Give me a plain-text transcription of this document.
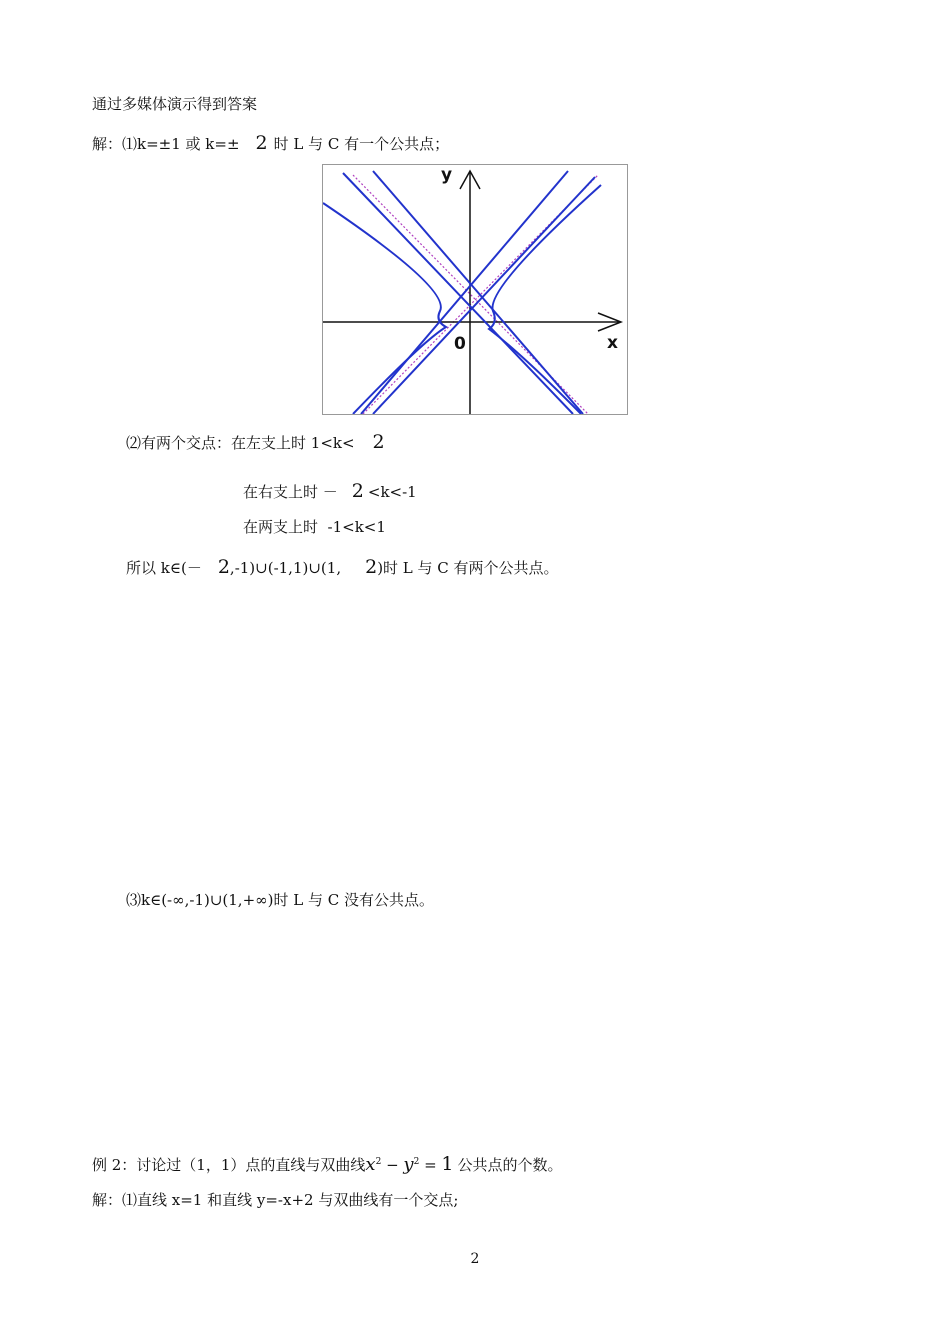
通过多媒体演示得到答案
解：⑴k=±1 或 k=± 2 时 L 与 C 有一个公共点；
y
x
0
⑵有两个交点：在左支上时 1<k< 2
在右支上时 － 2 <k<-1
在两支上时  -1<k<1
所以 k∈(－ 2,-1)∪(-1,1)∪(1, 2)时 L 与 C 有两个公共点。
⑶k∈(-∞,-1)∪(1,+∞)时 L 与 C 没有公共点。
例 2：讨论过（1，1）点的直线与双曲线$x^2 - y^2 = 1$ 公共点的个数。
解：⑴直线 x=1 和直线 y=-x+2 与双曲线有一个交点;
2
